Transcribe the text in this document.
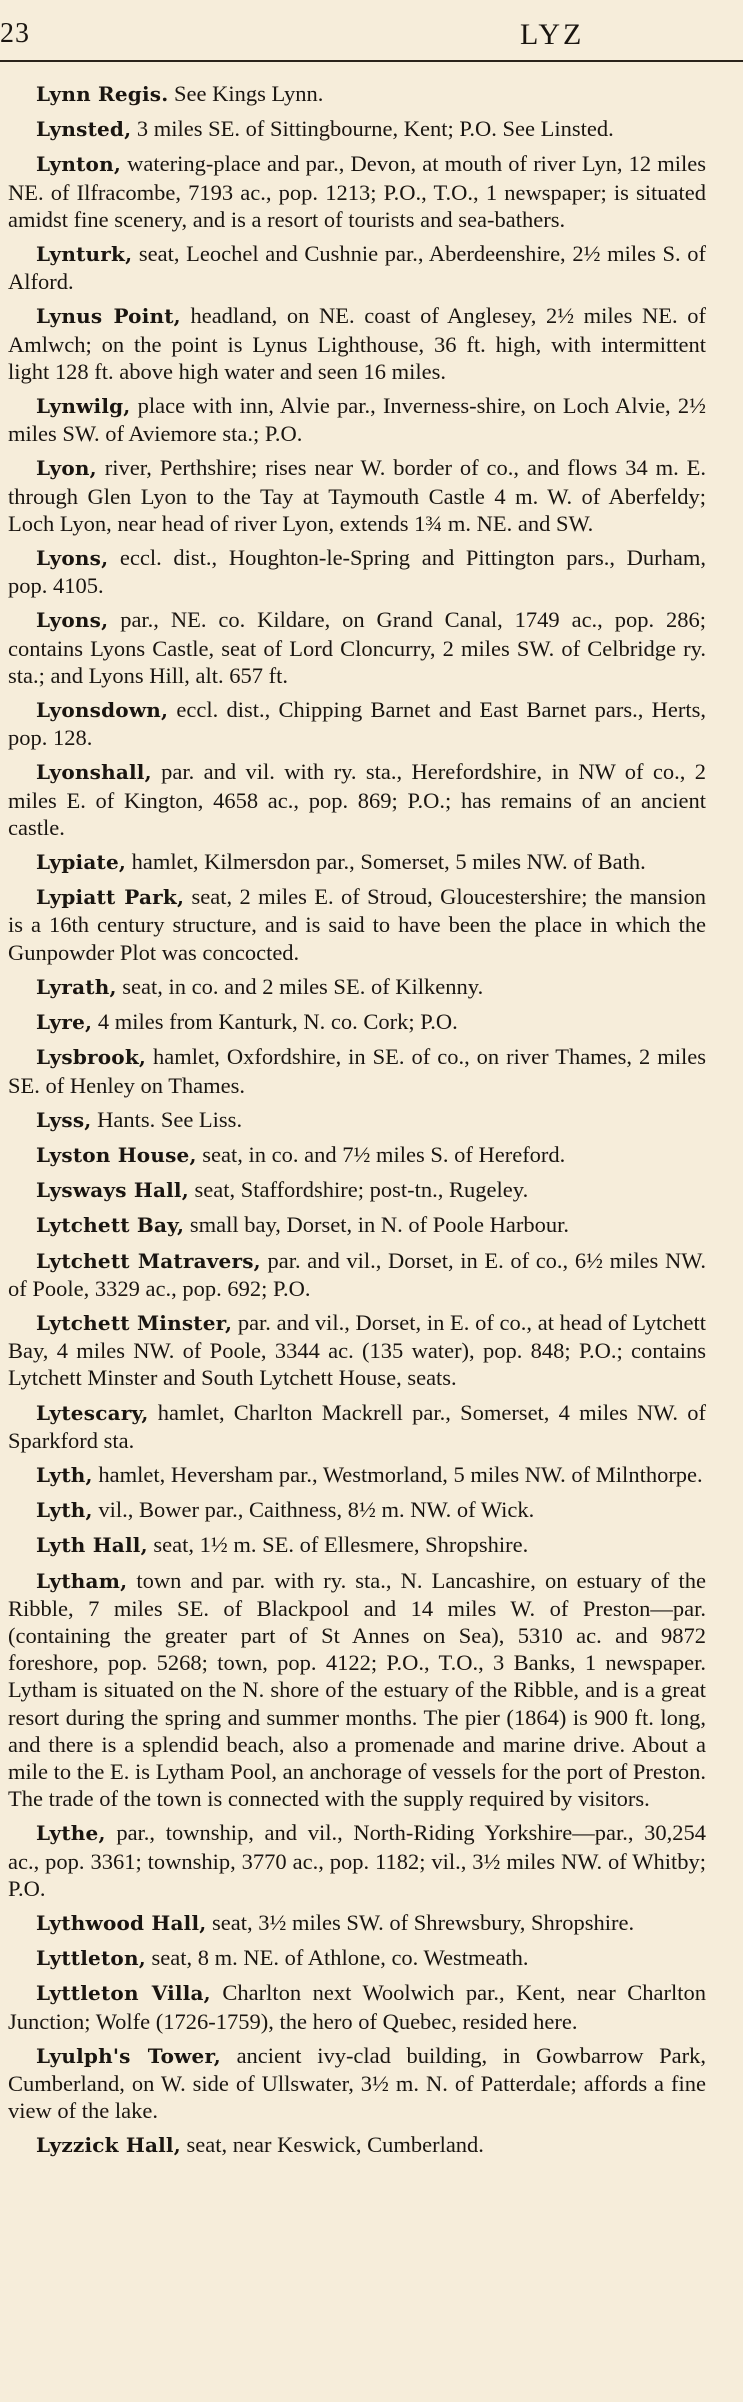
23	LYZ

Lynn Regis. See Kings Lynn.

Lynsted, 3 miles SE. of Sittingbourne, Kent; P.O. See Linsted.

Lynton, watering-place and par., Devon, at mouth of river Lyn, 12 miles NE. of Ilfracombe, 7193 ac., pop. 1213; P.O., T.O., 1 newspaper; is situated amidst fine scenery, and is a resort of tourists and sea-bathers.

Lynturk, seat, Leochel and Cushnie par., Aberdeenshire, 2½ miles S. of Alford.

Lynus Point, headland, on NE. coast of Anglesey, 2½ miles NE. of Amlwch; on the point is Lynus Lighthouse, 36 ft. high, with intermittent light 128 ft. above high water and seen 16 miles.

Lynwilg, place with inn, Alvie par., Inverness-shire, on Loch Alvie, 2½ miles SW. of Aviemore sta.; P.O.

Lyon, river, Perthshire; rises near W. border of co., and flows 34 m. E. through Glen Lyon to the Tay at Taymouth Castle 4 m. W. of Aberfeldy; Loch Lyon, near head of river Lyon, extends 1¾ m. NE. and SW.

Lyons, eccl. dist., Houghton-le-Spring and Pittington pars., Durham, pop. 4105.

Lyons, par., NE. co. Kildare, on Grand Canal, 1749 ac., pop. 286; contains Lyons Castle, seat of Lord Cloncurry, 2 miles SW. of Celbridge ry. sta.; and Lyons Hill, alt. 657 ft.

Lyonsdown, eccl. dist., Chipping Barnet and East Barnet pars., Herts, pop. 128.

Lyonshall, par. and vil. with ry. sta., Herefordshire, in NW of co., 2 miles E. of Kington, 4658 ac., pop. 869; P.O.; has remains of an ancient castle.

Lypiate, hamlet, Kilmersdon par., Somerset, 5 miles NW. of Bath.

Lypiatt Park, seat, 2 miles E. of Stroud, Gloucestershire; the mansion is a 16th century structure, and is said to have been the place in which the Gunpowder Plot was concocted.

Lyrath, seat, in co. and 2 miles SE. of Kilkenny.

Lyre, 4 miles from Kanturk, N. co. Cork; P.O.

Lysbrook, hamlet, Oxfordshire, in SE. of co., on river Thames, 2 miles SE. of Henley on Thames.

Lyss, Hants. See Liss.

Lyston House, seat, in co. and 7½ miles S. of Hereford.

Lysways Hall, seat, Staffordshire; post-tn., Rugeley.

Lytchett Bay, small bay, Dorset, in N. of Poole Harbour.

Lytchett Matravers, par. and vil., Dorset, in E. of co., 6½ miles NW. of Poole, 3329 ac., pop. 692; P.O.

Lytchett Minster, par. and vil., Dorset, in E. of co., at head of Lytchett Bay, 4 miles NW. of Poole, 3344 ac. (135 water), pop. 848; P.O.; contains Lytchett Minster and South Lytchett House, seats.

Lytescary, hamlet, Charlton Mackrell par., Somerset, 4 miles NW. of Sparkford sta.

Lyth, hamlet, Heversham par., Westmorland, 5 miles NW. of Milnthorpe.

Lyth, vil., Bower par., Caithness, 8½ m. NW. of Wick.

Lyth Hall, seat, 1½ m. SE. of Ellesmere, Shropshire.

Lytham, town and par. with ry. sta., N. Lancashire, on estuary of the Ribble, 7 miles SE. of Blackpool and 14 miles W. of Preston—par. (containing the greater part of St Annes on Sea), 5310 ac. and 9872 foreshore, pop. 5268; town, pop. 4122; P.O., T.O., 3 Banks, 1 newspaper. Lytham is situated on the N. shore of the estuary of the Ribble, and is a great resort during the spring and summer months. The pier (1864) is 900 ft. long, and there is a splendid beach, also a promenade and marine drive. About a mile to the E. is Lytham Pool, an anchorage of vessels for the port of Preston. The trade of the town is connected with the supply required by visitors.

Lythe, par., township, and vil., North-Riding Yorkshire—par., 30,254 ac., pop. 3361; township, 3770 ac., pop. 1182; vil., 3½ miles NW. of Whitby; P.O.

Lythwood Hall, seat, 3½ miles SW. of Shrewsbury, Shropshire.

Lyttleton, seat, 8 m. NE. of Athlone, co. Westmeath.

Lyttleton Villa, Charlton next Woolwich par., Kent, near Charlton Junction; Wolfe (1726-1759), the hero of Quebec, resided here.

Lyulph's Tower, ancient ivy-clad building, in Gowbarrow Park, Cumberland, on W. side of Ullswater, 3½ m. N. of Patterdale; affords a fine view of the lake.

Lyzzick Hall, seat, near Keswick, Cumberland.
